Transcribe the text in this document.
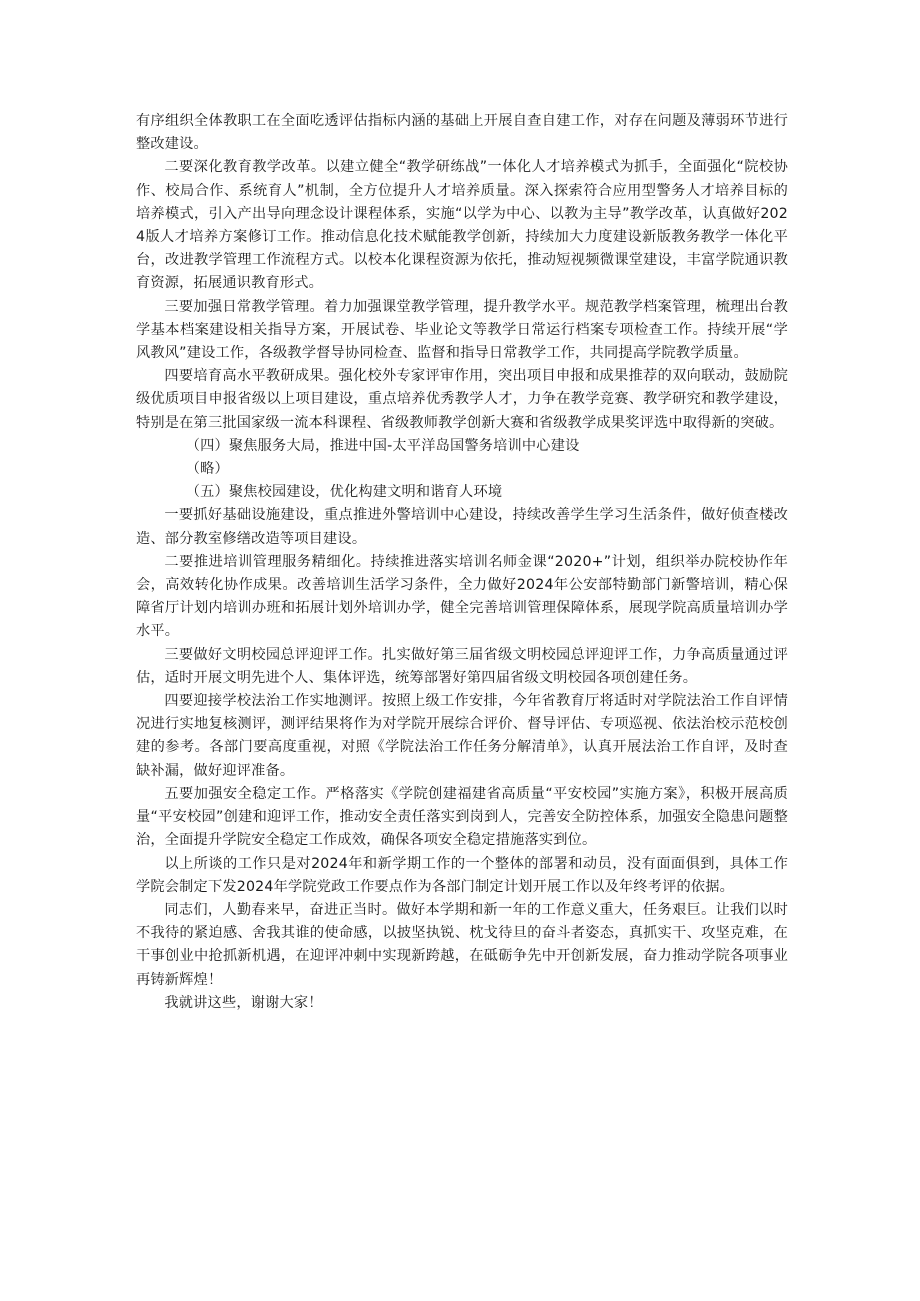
有序组织全体教职工在全面吃透评估指标内涵的基础上开展自查自建工作，对存在问题及薄弱环节进行整改建设。

二要深化教育教学改革。以建立健全“教学研练战”一体化人才培养模式为抓手，全面强化“院校协作、校局合作、系统育人”机制，全方位提升人才培养质量。深入探索符合应用型警务人才培养目标的培养模式，引入产出导向理念设计课程体系，实施“以学为中心、以教为主导”教学改革，认真做好2024版人才培养方案修订工作。推动信息化技术赋能教学创新，持续加大力度建设新版教务教学一体化平台，改进教学管理工作流程方式。以校本化课程资源为依托，推动短视频微课堂建设，丰富学院通识教育资源，拓展通识教育形式。

三要加强日常教学管理。着力加强课堂教学管理，提升教学水平。规范教学档案管理，梳理出台教学基本档案建设相关指导方案，开展试卷、毕业论文等教学日常运行档案专项检查工作。持续开展“学风教风”建设工作，各级教学督导协同检查、监督和指导日常教学工作，共同提高学院教学质量。

四要培育高水平教研成果。强化校外专家评审作用，突出项目申报和成果推荐的双向联动，鼓励院级优质项目申报省级以上项目建设，重点培养优秀教学人才，力争在教学竞赛、教学研究和教学建设，特别是在第三批国家级一流本科课程、省级教师教学创新大赛和省级教学成果奖评选中取得新的突破。

（四）聚焦服务大局，推进中国-太平洋岛国警务培训中心建设

（略）

（五）聚焦校园建设，优化构建文明和谐育人环境

一要抓好基础设施建设，重点推进外警培训中心建设，持续改善学生学习生活条件，做好侦查楼改造、部分教室修缮改造等项目建设。

二要推进培训管理服务精细化。持续推进落实培训名师金课“2020+”计划，组织举办院校协作年会，高效转化协作成果。改善培训生活学习条件，全力做好2024年公安部特勤部门新警培训，精心保障省厅计划内培训办班和拓展计划外培训办学，健全完善培训管理保障体系，展现学院高质量培训办学水平。

三要做好文明校园总评迎评工作。扎实做好第三届省级文明校园总评迎评工作，力争高质量通过评估，适时开展文明先进个人、集体评选，统筹部署好第四届省级文明校园各项创建任务。

四要迎接学校法治工作实地测评。按照上级工作安排，今年省教育厅将适时对学院法治工作自评情况进行实地复核测评，测评结果将作为对学院开展综合评价、督导评估、专项巡视、依法治校示范校创建的参考。各部门要高度重视，对照《学院法治工作任务分解清单》，认真开展法治工作自评，及时查缺补漏，做好迎评准备。

五要加强安全稳定工作。严格落实《学院创建福建省高质量“平安校园”实施方案》，积极开展高质量“平安校园”创建和迎评工作，推动安全责任落实到岗到人，完善安全防控体系，加强安全隐患问题整治，全面提升学院安全稳定工作成效，确保各项安全稳定措施落实到位。

以上所谈的工作只是对2024年和新学期工作的一个整体的部署和动员，没有面面俱到，具体工作学院会制定下发2024年学院党政工作要点作为各部门制定计划开展工作以及年终考评的依据。

同志们，人勤春来早，奋进正当时。做好本学期和新一年的工作意义重大，任务艰巨。让我们以时不我待的紧迫感、舍我其谁的使命感，以披坚执锐、枕戈待旦的奋斗者姿态，真抓实干、攻坚克难，在干事创业中抢抓新机遇，在迎评冲刺中实现新跨越，在砥砺争先中开创新发展，奋力推动学院各项事业再铸新辉煌！

我就讲这些，谢谢大家！
